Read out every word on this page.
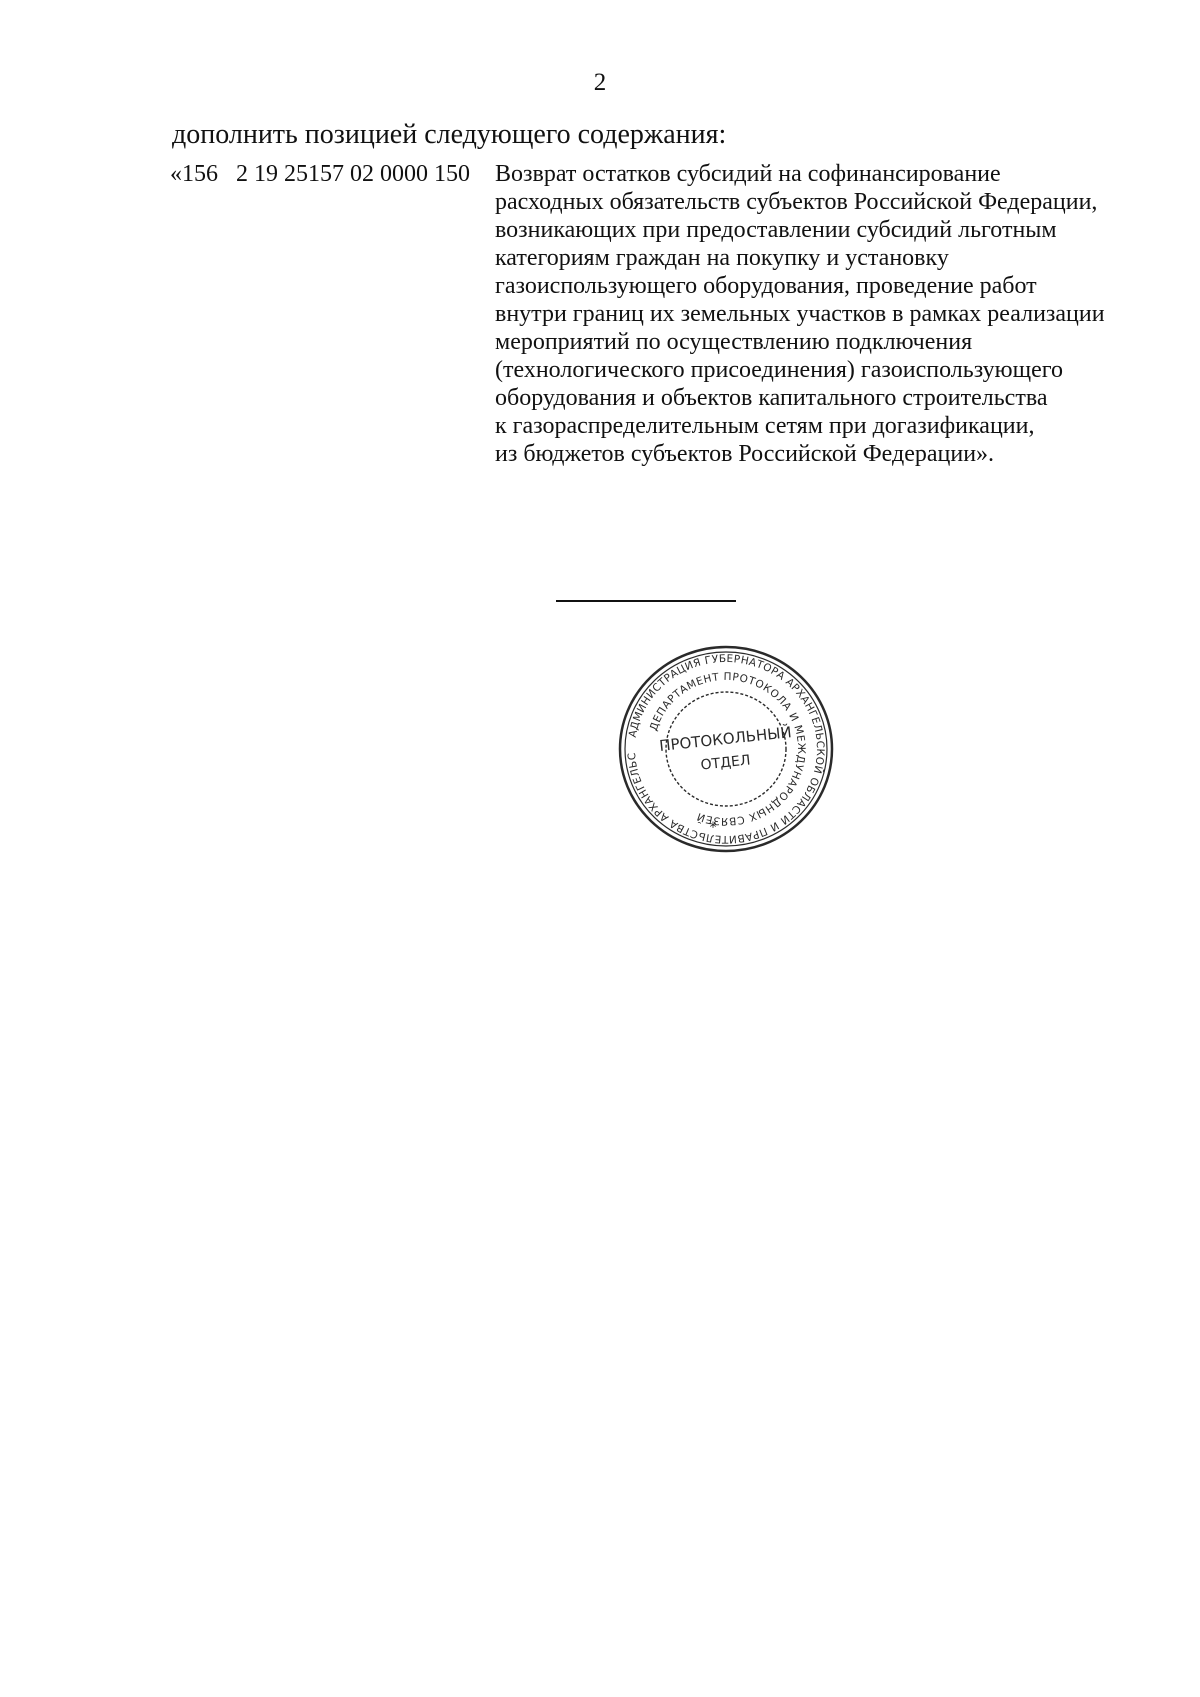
2
дополнить позицией следующего содержания:
«156   2 19 25157 02 0000 150 Возврат остатков субсидий на софинансирование
расходных обязательств субъектов Российской Федерации,
возникающих при предоставлении субсидий льготным
категориям граждан на покупку и установку
газоиспользующего оборудования, проведение работ
внутри границ их земельных участков в рамках реализации
мероприятий по осуществлению подключения
(технологического присоединения) газоиспользующего
оборудования и объектов капитального строительства
к газораспределительным сетям при догазификации,
из бюджетов субъектов Российской Федерации».
АДМИНИСТРАЦИЯ ГУБЕРНАТОРА АРХАНГЕЛЬСКОЙ ОБЛАСТИ И ПРАВИТЕЛЬСТВА АРХАНГЕЛЬС
ДЕПАРТАМЕНТ ПРОТОКОЛА И МЕЖДУНАРОДНЫХ СВЯЗЕЙ
ПРОТОКОЛЬНЫЙ
ОТДЕЛ
*
